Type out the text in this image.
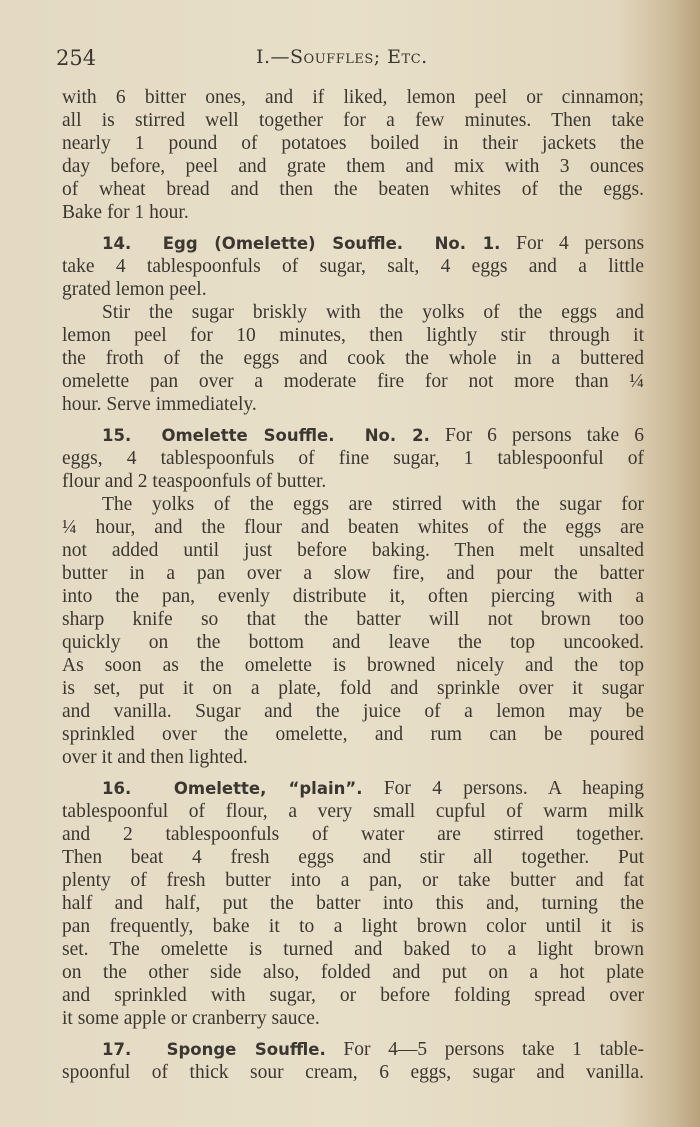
254	I.—Souffles; Etc.
with 6 bitter ones, and if liked, lemon peel or cinnamon;
all is stirred well together for a few minutes. Then take
nearly 1 pound of potatoes boiled in their jackets the
day before, peel and grate them and mix with 3 ounces
of wheat bread and then the beaten whites of the eggs.
Bake for 1 hour.
14. Egg (Omelette) Souffle. No. 1. For 4 persons
take 4 tablespoonfuls of sugar, salt, 4 eggs and a little
grated lemon peel.
Stir the sugar briskly with the yolks of the eggs and
lemon peel for 10 minutes, then lightly stir through it
the froth of the eggs and cook the whole in a buttered
omelette pan over a moderate fire for not more than ¼
hour. Serve immediately.
15. Omelette Souffle. No. 2. For 6 persons take 6
eggs, 4 tablespoonfuls of fine sugar, 1 tablespoonful of
flour and 2 teaspoonfuls of butter.
The yolks of the eggs are stirred with the sugar for
¼ hour, and the flour and beaten whites of the eggs are
not added until just before baking. Then melt unsalted
butter in a pan over a slow fire, and pour the batter
into the pan, evenly distribute it, often piercing with a
sharp knife so that the batter will not brown too
quickly on the bottom and leave the top uncooked.
As soon as the omelette is browned nicely and the top
is set, put it on a plate, fold and sprinkle over it sugar
and vanilla. Sugar and the juice of a lemon may be
sprinkled over the omelette, and rum can be poured
over it and then lighted.
16.	Omelette, “plain”. For 4 persons. A heaping
tablespoonful of flour, a very small cupful of warm milk
and 2 tablespoonfuls of water are stirred together.
Then beat 4 fresh eggs and stir all together. Put
plenty of fresh butter into a pan, or take butter and fat
half and half, put the batter into this and, turning the
pan frequently, bake it to a light brown color until it is
set. The omelette is turned and baked to a light brown
on the other side also, folded and put on a hot plate
and sprinkled with sugar, or before folding spread over
it some apple or cranberry sauce.
17. Sponge Souffle. For 4—5 persons take 1 table-
spoonful of thick sour cream, 6 eggs, sugar and vanilla.
